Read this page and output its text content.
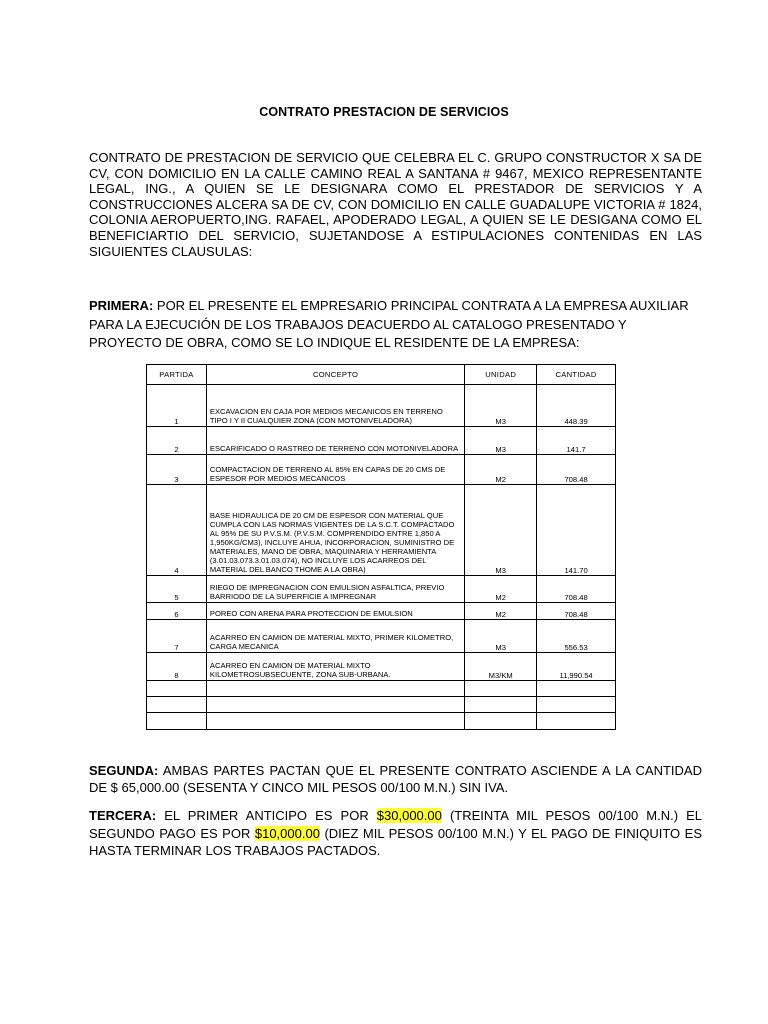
CONTRATO PRESTACION DE SERVICIOS
CONTRATO DE PRESTACION DE SERVICIO QUE CELEBRA EL C. GRUPO CONSTRUCTOR X SA DE CV, CON DOMICILIO EN LA CALLE CAMINO REAL A SANTANA # 9467, MEXICO REPRESENTANTE LEGAL, ING., A QUIEN SE LE DESIGNARA COMO EL PRESTADOR DE SERVICIOS Y A CONSTRUCCIONES ALCERA SA DE CV, CON DOMICILIO EN CALLE GUADALUPE VICTORIA # 1824, COLONIA AEROPUERTO,ING. RAFAEL, APODERADO LEGAL, A QUIEN SE LE DESIGANA COMO EL BENEFICIARTIO DEL SERVICIO, SUJETANDOSE A ESTIPULACIONES CONTENIDAS EN LAS SIGUIENTES CLAUSULAS:
PRIMERA: POR EL PRESENTE EL EMPRESARIO PRINCIPAL CONTRATA A LA EMPRESA AUXILIAR PARA LA EJECUCIÓN DE LOS TRABAJOS DEACUERDO AL CATALOGO PRESENTADO Y PROYECTO DE OBRA, COMO SE LO INDIQUE EL RESIDENTE DE LA EMPRESA:
PARTIDA	CONCEPTO	UNIDAD	CANTIDAD
1	EXCAVACION EN CAJA POR MEDIOS MECANICOS EN TERRENO TIPO I Y II CUALQUIER ZONA (CON MOTONIVELADORA)	M3	448.39
2	ESCARIFICADO O RASTREO DE TERRENO CON MOTONIVELADORA	M3	141.7
3	COMPACTACION DE TERRENO AL 85% EN CAPAS DE 20 CMS DE ESPESOR POR MEDIOS MECANICOS	M2	708.48
4	BASE HIDRAULICA DE 20 CM DE ESPESOR CON MATERIAL QUE CUMPLA CON LAS NORMAS VIGENTES DE LA S.C.T. COMPACTADO AL 95% DE SU P.V.S.M. (P.V.S.M. COMPRENDIDO ENTRE 1,850 A 1,950KG/CM3), INCLUYE AHUA, INCORPORACION, SUMINISTRO DE MATERIALES, MANO DE OBRA, MAQUINARIA Y HERRAMIENTA (3.01.03.073.3.01.03.074), NO INCLUYE LOS ACARREOS DEL MATERIAL DEL BANCO THOME A LA OBRA)	M3	141.70
5	RIEGO DE IMPREGNACION CON EMULSION ASFALTICA, PREVIO BARRIODO DE LA SUPERFICIE A IMPREGNAR	M2	708.48
6	POREO CON ARENA PARA PROTECCION DE EMULSION	M2	708.48
7	ACARREO EN CAMION DE MATERIAL MIXTO, PRIMER KILOMETRO, CARGA MECANICA	M3	556.53
8	ACARREO EN CAMION DE MATERIAL MIXTO KILOMETROSUBSECUENTE, ZONA SUB-URBANA.	M3/KM	11,990.54

SEGUNDA: AMBAS PARTES PACTAN QUE EL PRESENTE CONTRATO ASCIENDE A LA CANTIDAD DE $ 65,000.00 (SESENTA Y CINCO MIL PESOS 00/100 M.N.) SIN IVA.
TERCERA: EL PRIMER ANTICIPO ES POR $30,000.00 (TREINTA MIL PESOS 00/100 M.N.) EL SEGUNDO PAGO ES POR $10,000.00 (DIEZ MIL PESOS 00/100 M.N.) Y EL PAGO DE FINIQUITO ES HASTA TERMINAR LOS TRABAJOS PACTADOS.
